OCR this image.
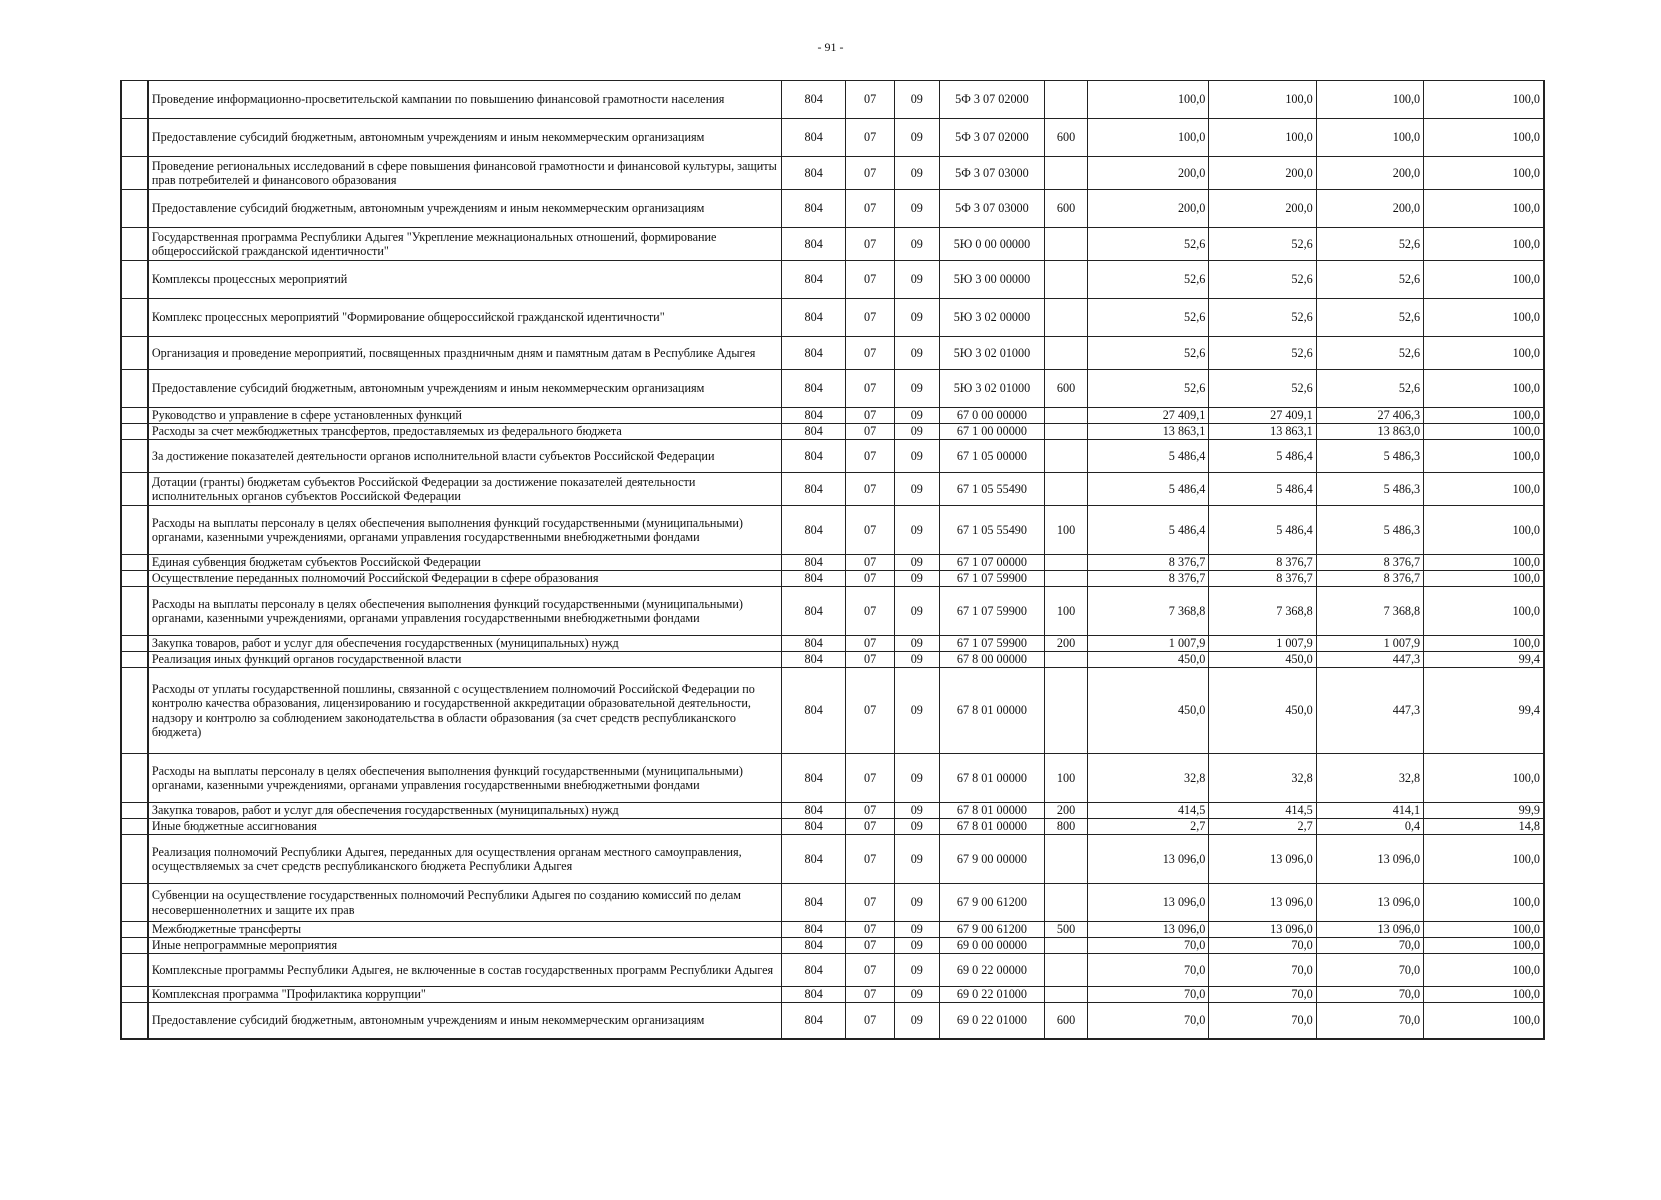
- 91 -
	Проведение информационно-просветительской кампании по повышению финансовой грамотности населения	804	07	09	5Ф 3 07 02000		100,0	100,0	100,0	100,0
	Предоставление субсидий бюджетным, автономным учреждениям и иным некоммерческим организациям	804	07	09	5Ф 3 07 02000	600	100,0	100,0	100,0	100,0
	Проведение региональных исследований в сфере повышения финансовой грамотности и финансовой культуры, защиты прав потребителей и финансового образования	804	07	09	5Ф 3 07 03000		200,0	200,0	200,0	100,0
	Предоставление субсидий бюджетным, автономным учреждениям и иным некоммерческим организациям	804	07	09	5Ф 3 07 03000	600	200,0	200,0	200,0	100,0
	Государственная программа Республики Адыгея "Укрепление межнациональных отношений, формирование общероссийской гражданской идентичности"	804	07	09	5Ю 0 00 00000		52,6	52,6	52,6	100,0
	Комплексы процессных мероприятий	804	07	09	5Ю 3 00 00000		52,6	52,6	52,6	100,0
	Комплекс процессных мероприятий "Формирование общероссийской гражданской идентичности"	804	07	09	5Ю 3 02 00000		52,6	52,6	52,6	100,0
	Организация и проведение мероприятий, посвященных праздничным дням и памятным датам в Республике Адыгея	804	07	09	5Ю 3 02 01000		52,6	52,6	52,6	100,0
	Предоставление субсидий бюджетным, автономным учреждениям и иным некоммерческим организациям	804	07	09	5Ю 3 02 01000	600	52,6	52,6	52,6	100,0
	Руководство и управление в сфере установленных функций	804	07	09	67 0 00 00000		27 409,1	27 409,1	27 406,3	100,0
	Расходы за счет межбюджетных трансфертов, предоставляемых из федерального бюджета	804	07	09	67 1 00 00000		13 863,1	13 863,1	13 863,0	100,0
	За достижение показателей деятельности органов исполнительной власти субъектов Российской Федерации	804	07	09	67 1 05 00000		5 486,4	5 486,4	5 486,3	100,0
	Дотации (гранты) бюджетам субъектов Российской Федерации за достижение показателей деятельности исполнительных органов субъектов Российской Федерации	804	07	09	67 1 05 55490		5 486,4	5 486,4	5 486,3	100,0
	Расходы на выплаты персоналу в целях обеспечения выполнения функций государственными (муниципальными) органами, казенными учреждениями, органами управления государственными внебюджетными фондами	804	07	09	67 1 05 55490	100	5 486,4	5 486,4	5 486,3	100,0
	Единая субвенция бюджетам субъектов Российской Федерации	804	07	09	67 1 07 00000		8 376,7	8 376,7	8 376,7	100,0
	Осуществление переданных полномочий Российской Федерации в сфере образования	804	07	09	67 1 07 59900		8 376,7	8 376,7	8 376,7	100,0
	Расходы на выплаты персоналу в целях обеспечения выполнения функций государственными (муниципальными) органами, казенными учреждениями, органами управления государственными внебюджетными фондами	804	07	09	67 1 07 59900	100	7 368,8	7 368,8	7 368,8	100,0
	Закупка товаров, работ и услуг для обеспечения государственных (муниципальных) нужд	804	07	09	67 1 07 59900	200	1 007,9	1 007,9	1 007,9	100,0
	Реализация иных функций органов государственной власти	804	07	09	67 8 00 00000		450,0	450,0	447,3	99,4
	Расходы от уплаты государственной пошлины, связанной с осуществлением полномочий Российской Федерации по контролю качества образования, лицензированию и государственной аккредитации образовательной деятельности, надзору и контролю за соблюдением законодательства в области образования (за счет средств республиканского бюджета)	804	07	09	67 8 01 00000		450,0	450,0	447,3	99,4
	Расходы на выплаты персоналу в целях обеспечения выполнения функций государственными (муниципальными) органами, казенными учреждениями, органами управления государственными внебюджетными фондами	804	07	09	67 8 01 00000	100	32,8	32,8	32,8	100,0
	Закупка товаров, работ и услуг для обеспечения государственных (муниципальных) нужд	804	07	09	67 8 01 00000	200	414,5	414,5	414,1	99,9
	Иные бюджетные ассигнования	804	07	09	67 8 01 00000	800	2,7	2,7	0,4	14,8
	Реализация полномочий Республики Адыгея, переданных для осуществления органам местного самоуправления, осуществляемых за счет средств республиканского бюджета Республики Адыгея	804	07	09	67 9 00 00000		13 096,0	13 096,0	13 096,0	100,0
	Субвенции на осуществление государственных полномочий Республики Адыгея по созданию комиссий по делам несовершеннолетних и защите их прав	804	07	09	67 9 00 61200		13 096,0	13 096,0	13 096,0	100,0
	Межбюджетные трансферты	804	07	09	67 9 00 61200	500	13 096,0	13 096,0	13 096,0	100,0
	Иные непрограммные мероприятия	804	07	09	69 0 00 00000		70,0	70,0	70,0	100,0
	Комплексные программы Республики Адыгея, не включенные в состав государственных программ Республики Адыгея	804	07	09	69 0 22 00000		70,0	70,0	70,0	100,0
	Комплексная программа "Профилактика коррупции"	804	07	09	69 0 22 01000		70,0	70,0	70,0	100,0
	Предоставление субсидий бюджетным, автономным учреждениям и иным некоммерческим организациям	804	07	09	69 0 22 01000	600	70,0	70,0	70,0	100,0
